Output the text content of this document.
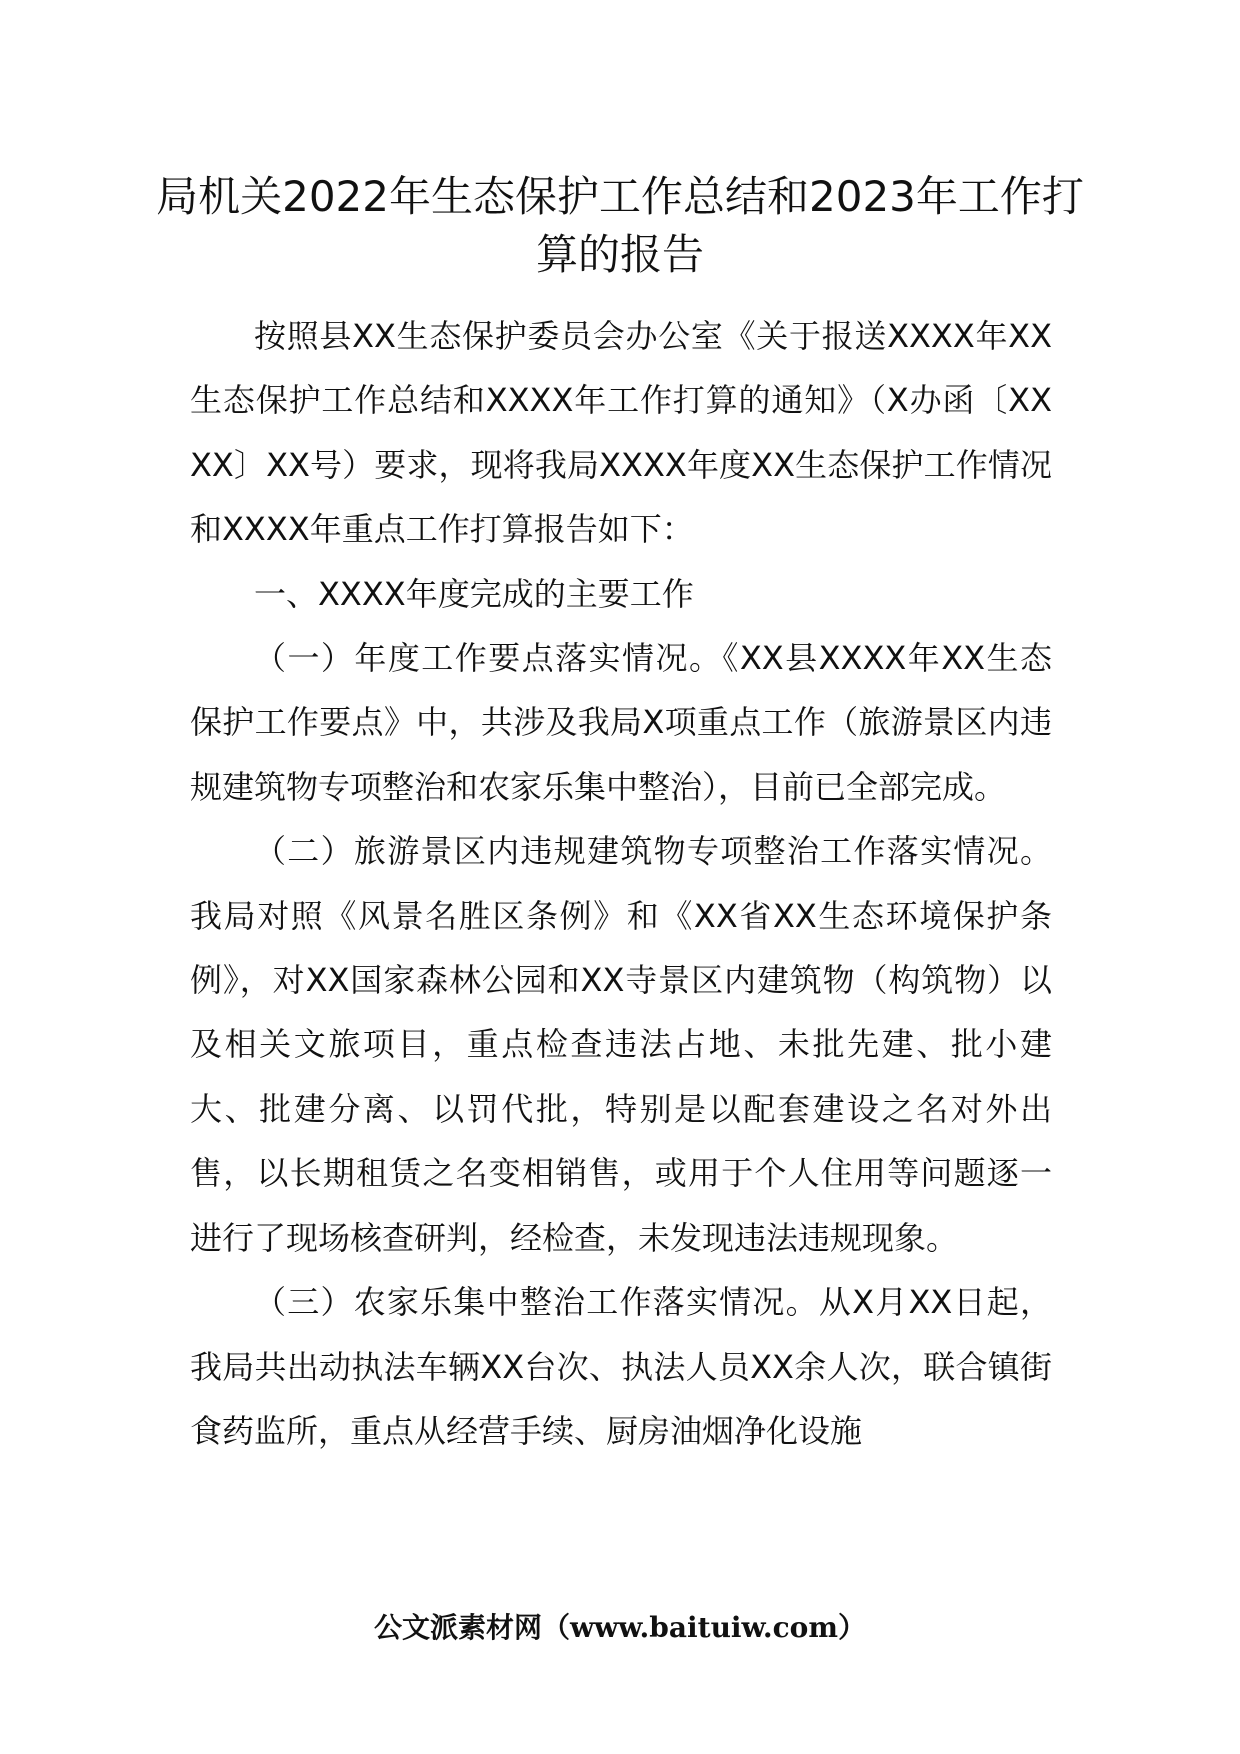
局机关2022年生态保护工作总结和2023年工作打算的报告

按照县XX生态保护委员会办公室《关于报送XXXX年XX生态保护工作总结和XXXX年工作打算的通知》（X办函〔XXXX〕XX号）要求，现将我局XXXX年度XX生态保护工作情况和XXXX年重点工作打算报告如下：

一、XXXX年度完成的主要工作

（一）年度工作要点落实情况。《XX县XXXX年XX生态保护工作要点》中，共涉及我局X项重点工作（旅游景区内违规建筑物专项整治和农家乐集中整治），目前已全部完成。

（二）旅游景区内违规建筑物专项整治工作落实情况。我局对照《风景名胜区条例》和《XX省XX生态环境保护条例》，对XX国家森林公园和XX寺景区内建筑物（构筑物）以及相关文旅项目，重点检查违法占地、未批先建、批小建大、批建分离、以罚代批，特别是以配套建设之名对外出售，以长期租赁之名变相销售，或用于个人住用等问题逐一进行了现场核查研判，经检查，未发现违法违规现象。

（三）农家乐集中整治工作落实情况。从X月XX日起，我局共出动执法车辆XX台次、执法人员XX余人次，联合镇街食药监所，重点从经营手续、厨房油烟净化设施

公文派素材网（www.baituiw.com）
